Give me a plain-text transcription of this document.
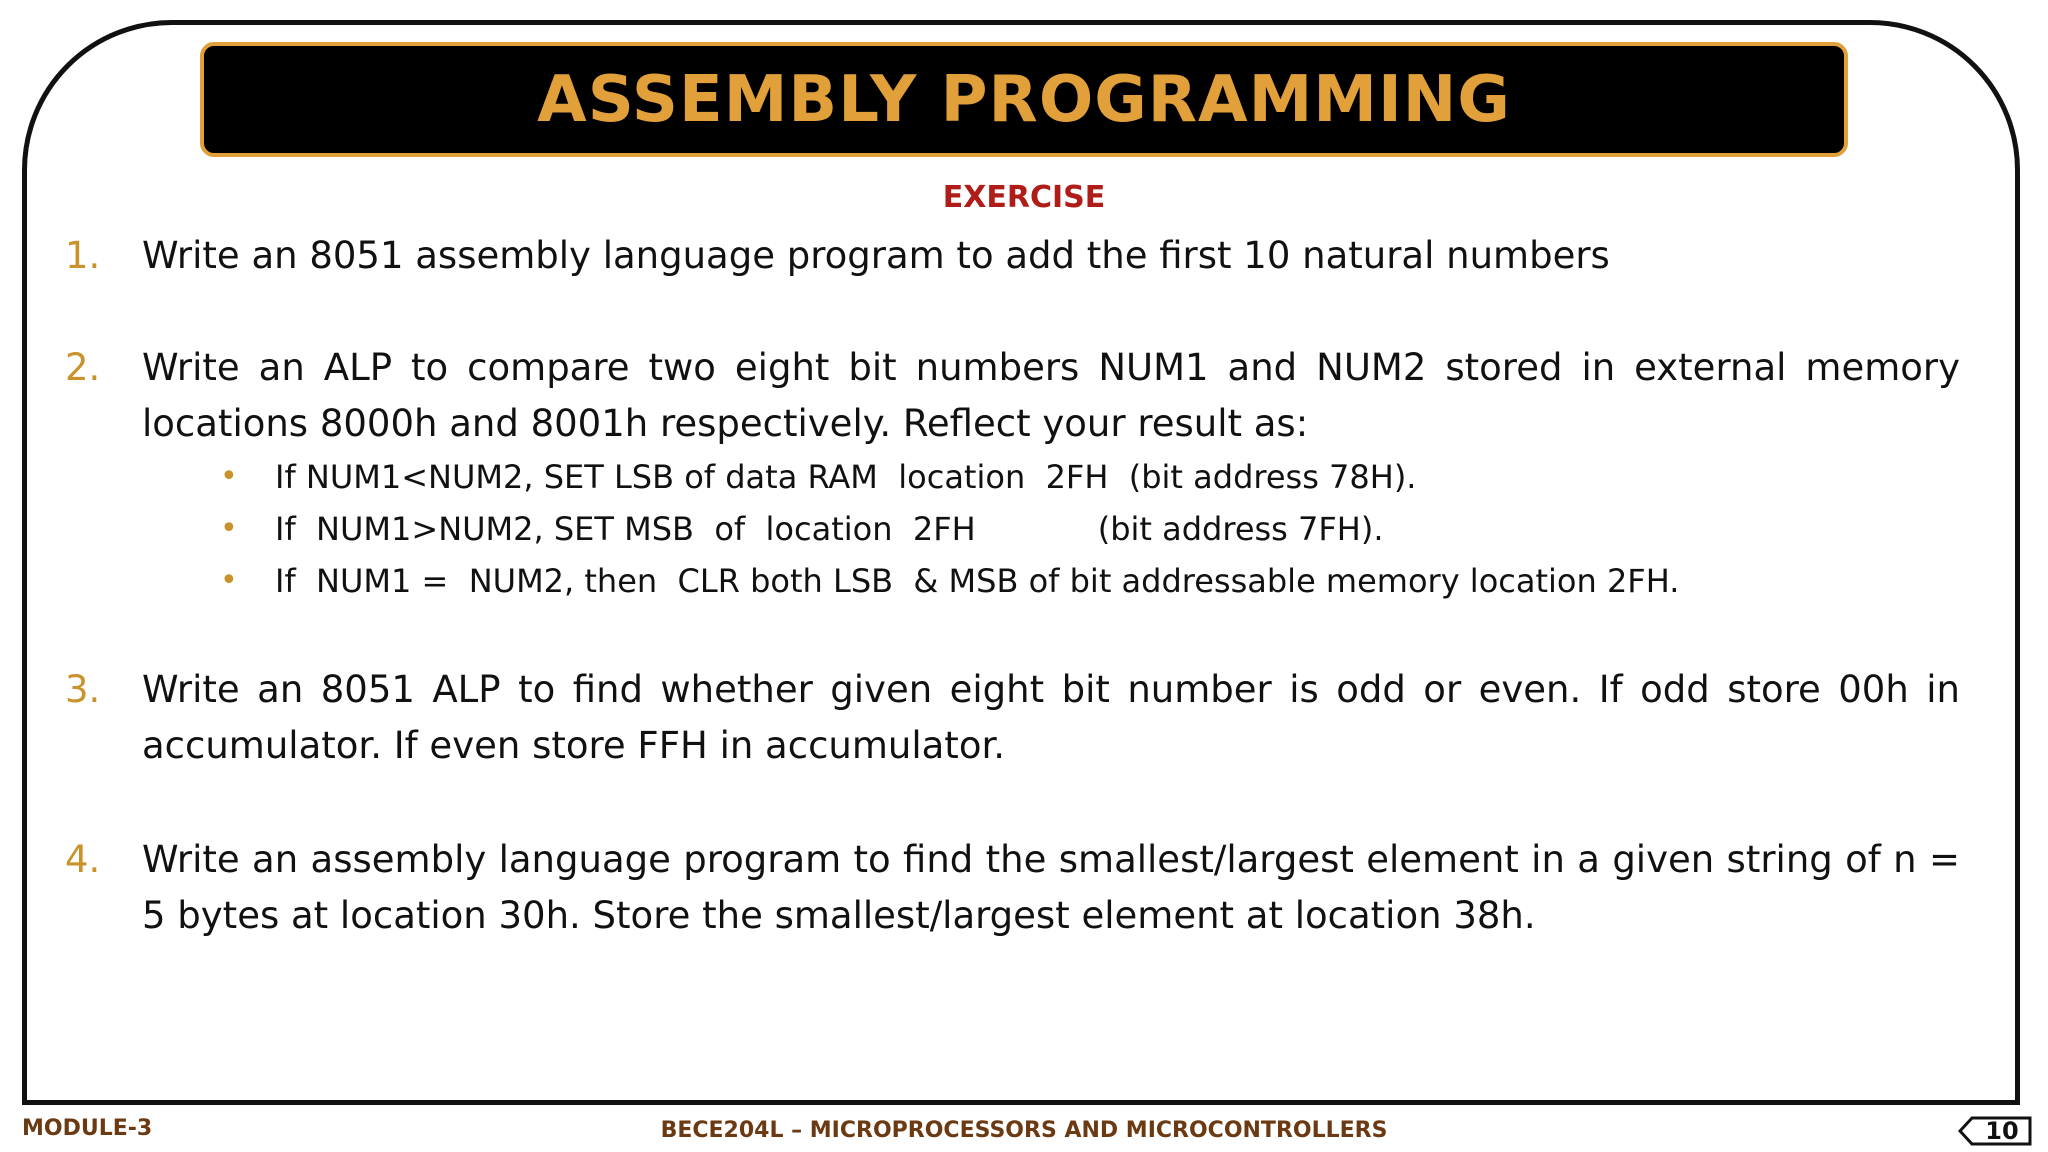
ASSEMBLY PROGRAMMING
EXERCISE
1. Write an 8051 assembly language program to add the first 10 natural numbers
2. Write an ALP to compare two eight bit numbers NUM1 and NUM2 stored in external memory locations 8000h and 8001h respectively. Reflect your result as:
• If NUM1<NUM2, SET LSB of data RAM  location  2FH  (bit address 78H).
• If  NUM1>NUM2, SET MSB  of  location  2FH            (bit address 7FH).
• If  NUM1 =  NUM2, then  CLR both LSB  & MSB of bit addressable memory location 2FH.
3. Write an 8051 ALP to find whether given eight bit number is odd or even. If odd store 00h in accumulator. If even store FFH in accumulator.
4. Write an assembly language program to find the smallest/largest element in a given string of n = 5 bytes at location 30h. Store the smallest/largest element at location 38h.
MODULE-3	BECE204L – MICROPROCESSORS AND MICROCONTROLLERS	10
